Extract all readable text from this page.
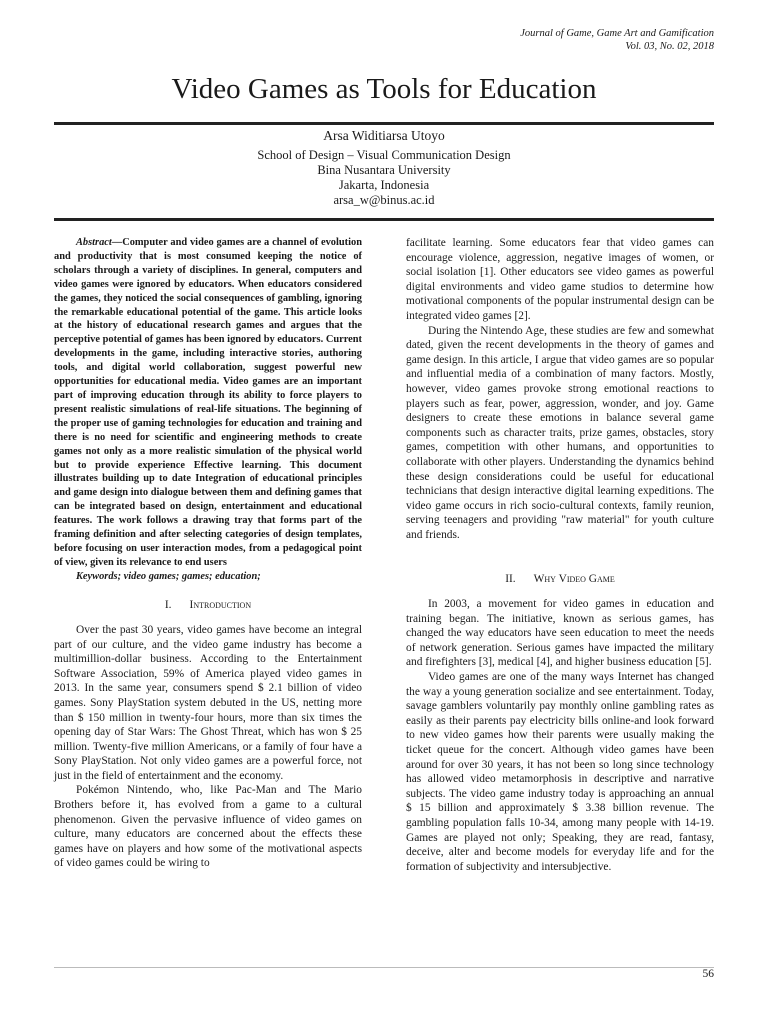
Journal of Game, Game Art and Gamification
Vol. 03, No. 02, 2018
Video Games as Tools for Education
Arsa Widitiarsa Utoyo
School of Design – Visual Communication Design
Bina Nusantara University
Jakarta, Indonesia
arsa_w@binus.ac.id

Abstract—Computer and video games are a channel of evolution and productivity that is most consumed keeping the notice of scholars through a variety of disciplines. In general, computers and video games were ignored by educators. When educators considered the games, they noticed the social consequences of gambling, ignoring the remarkable educational potential of the game. This article looks at the history of educational research games and argues that the perceptive potential of games has been ignored by educators. Current developments in the game, including interactive stories, authoring tools, and digital world collaboration, suggest powerful new opportunities for educational media. Video games are an important part of improving education through its ability to force players to present realistic simulations of real-life situations. The beginning of the proper use of gaming technologies for education and training and there is no need for scientific and engineering methods to create games not only as a more realistic simulation of the physical world but to provide experience Effective learning. This document illustrates building up to date Integration of educational principles and game design into dialogue between them and defining games that can be integrated based on design, entertainment and educational features. The work follows a drawing tray that forms part of the framing definition and after selecting categories of design templates, before focusing on user interaction modes, from a pedagogical point of view, given its relevance to end users

Keywords; video games; games; education;

I. Introduction

Over the past 30 years, video games have become an integral part of our culture, and the video game industry has become a multimillion-dollar business. According to the Entertainment Software Association, 59% of America played video games in 2013. In the same year, consumers spend $ 2.1 billion of video games. Sony PlayStation system debuted in the US, netting more than $ 150 million in twenty-four hours, more than six times the opening day of Star Wars: The Ghost Threat, which has won $ 25 million. Twenty-five million Americans, or a family of four have a Sony PlayStation. Not only video games are a powerful force, not just in the field of entertainment and the economy.

Pokémon Nintendo, who, like Pac-Man and The Mario Brothers before it, has evolved from a game to a cultural phenomenon. Given the pervasive influence of video games on culture, many educators are concerned about the effects these games have on players and how some of the motivational aspects of video games could be wiring to

facilitate learning. Some educators fear that video games can encourage violence, aggression, negative images of women, or social isolation [1]. Other educators see video games as powerful digital environments and video game studios to determine how motivational components of the popular instrumental design can be integrated video games [2].

During the Nintendo Age, these studies are few and somewhat dated, given the recent developments in the theory of games and game design. In this article, I argue that video games are so popular and influential media of a combination of many factors. Mostly, however, video games provoke strong emotional reactions to players such as fear, power, aggression, wonder, and joy. Game designers to create these emotions in balance several game components such as character traits, prize games, obstacles, story games, competition with other humans, and opportunities to collaborate with other players. Understanding the dynamics behind these design considerations could be useful for educational technicians that design interactive digital learning expeditions. The video game occurs in rich socio-cultural contexts, family reunion, serving teenagers and providing "raw material" for youth culture and friends.

II. Why Video Game

In 2003, a movement for video games in education and training began. The initiative, known as serious games, has changed the way educators have seen education to meet the needs of network generation. Serious games have impacted the military and firefighters [3], medical [4], and higher business education [5].

Video games are one of the many ways Internet has changed the way a young generation socialize and see entertainment. Today, savage gamblers voluntarily pay monthly online gambling rates as easily as their parents pay electricity bills online-and look forward to new video games how their parents were usually making the ticket queue for the concert. Although video games have been around for over 30 years, it has not been so long since technology has allowed video metamorphosis in descriptive and narrative subjects. The video game industry today is approaching an annual $ 15 billion and approximately $ 3.38 billion revenue. The gambling population falls 10-34, among many people with 14-19. Games are played not only; Speaking, they are read, fantasy, deceive, alter and become models for everyday life and for the formation of subjectivity and intersubjective.

56
